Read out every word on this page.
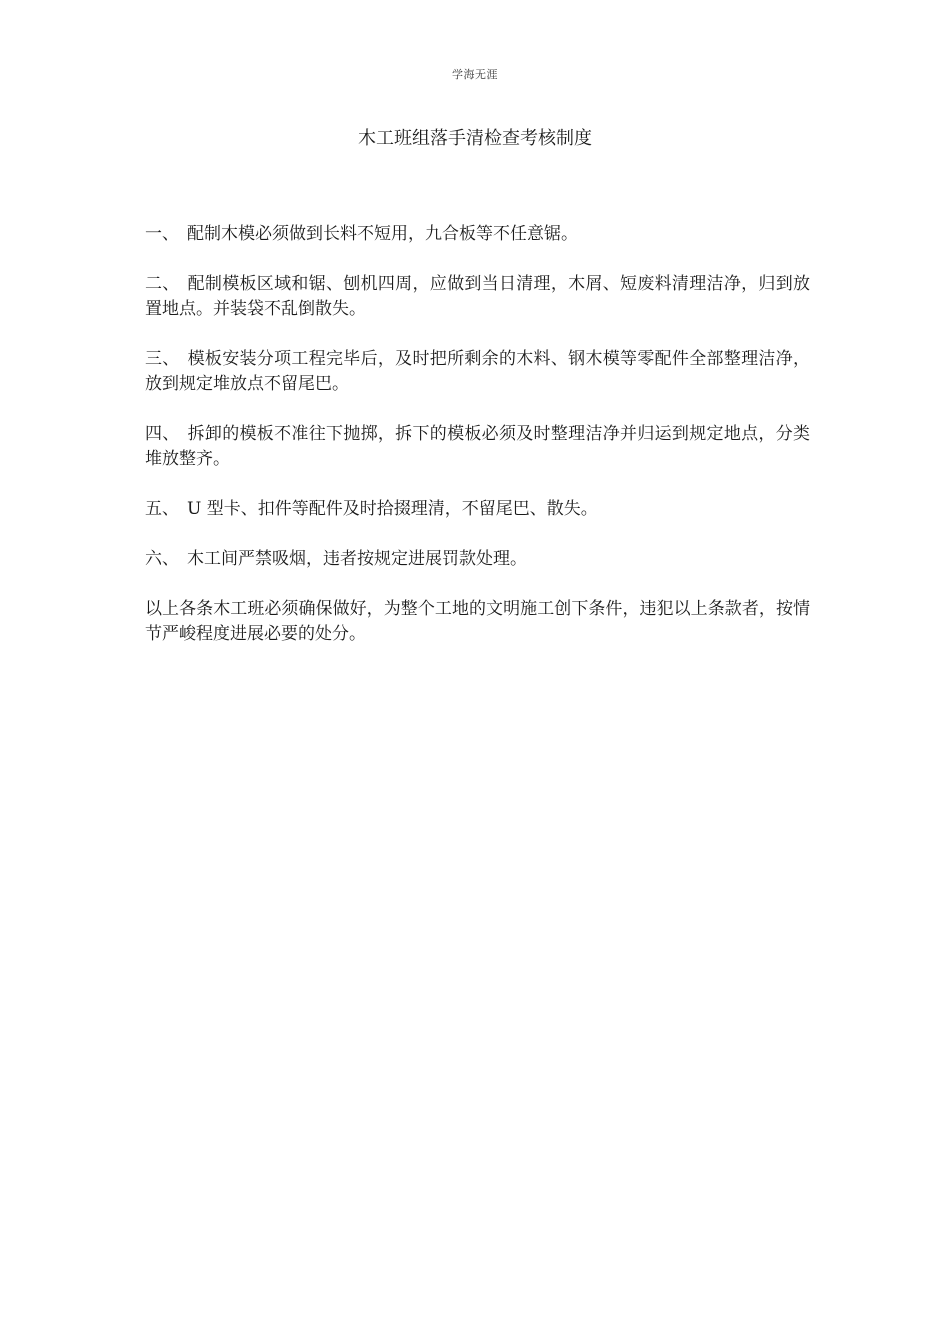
学海无涯
木工班组落手清检查考核制度

一、 配制木模必须做到长料不短用，九合板等不任意锯。

二、 配制模板区域和锯、刨机四周，应做到当日清理，木屑、短废料清理洁净，归到放置地点。并装袋不乱倒散失。

三、 模板安装分项工程完毕后，及时把所剩余的木料、钢木模等零配件全部整理洁净，放到规定堆放点不留尾巴。

四、 拆卸的模板不准往下抛掷，拆下的模板必须及时整理洁净并归运到规定地点，分类堆放整齐。

五、 U 型卡、扣件等配件及时拾掇理清，不留尾巴、散失。

六、 木工间严禁吸烟，违者按规定进展罚款处理。

以上各条木工班必须确保做好，为整个工地的文明施工创下条件，违犯以上条款者，按情节严峻程度进展必要的处分。
